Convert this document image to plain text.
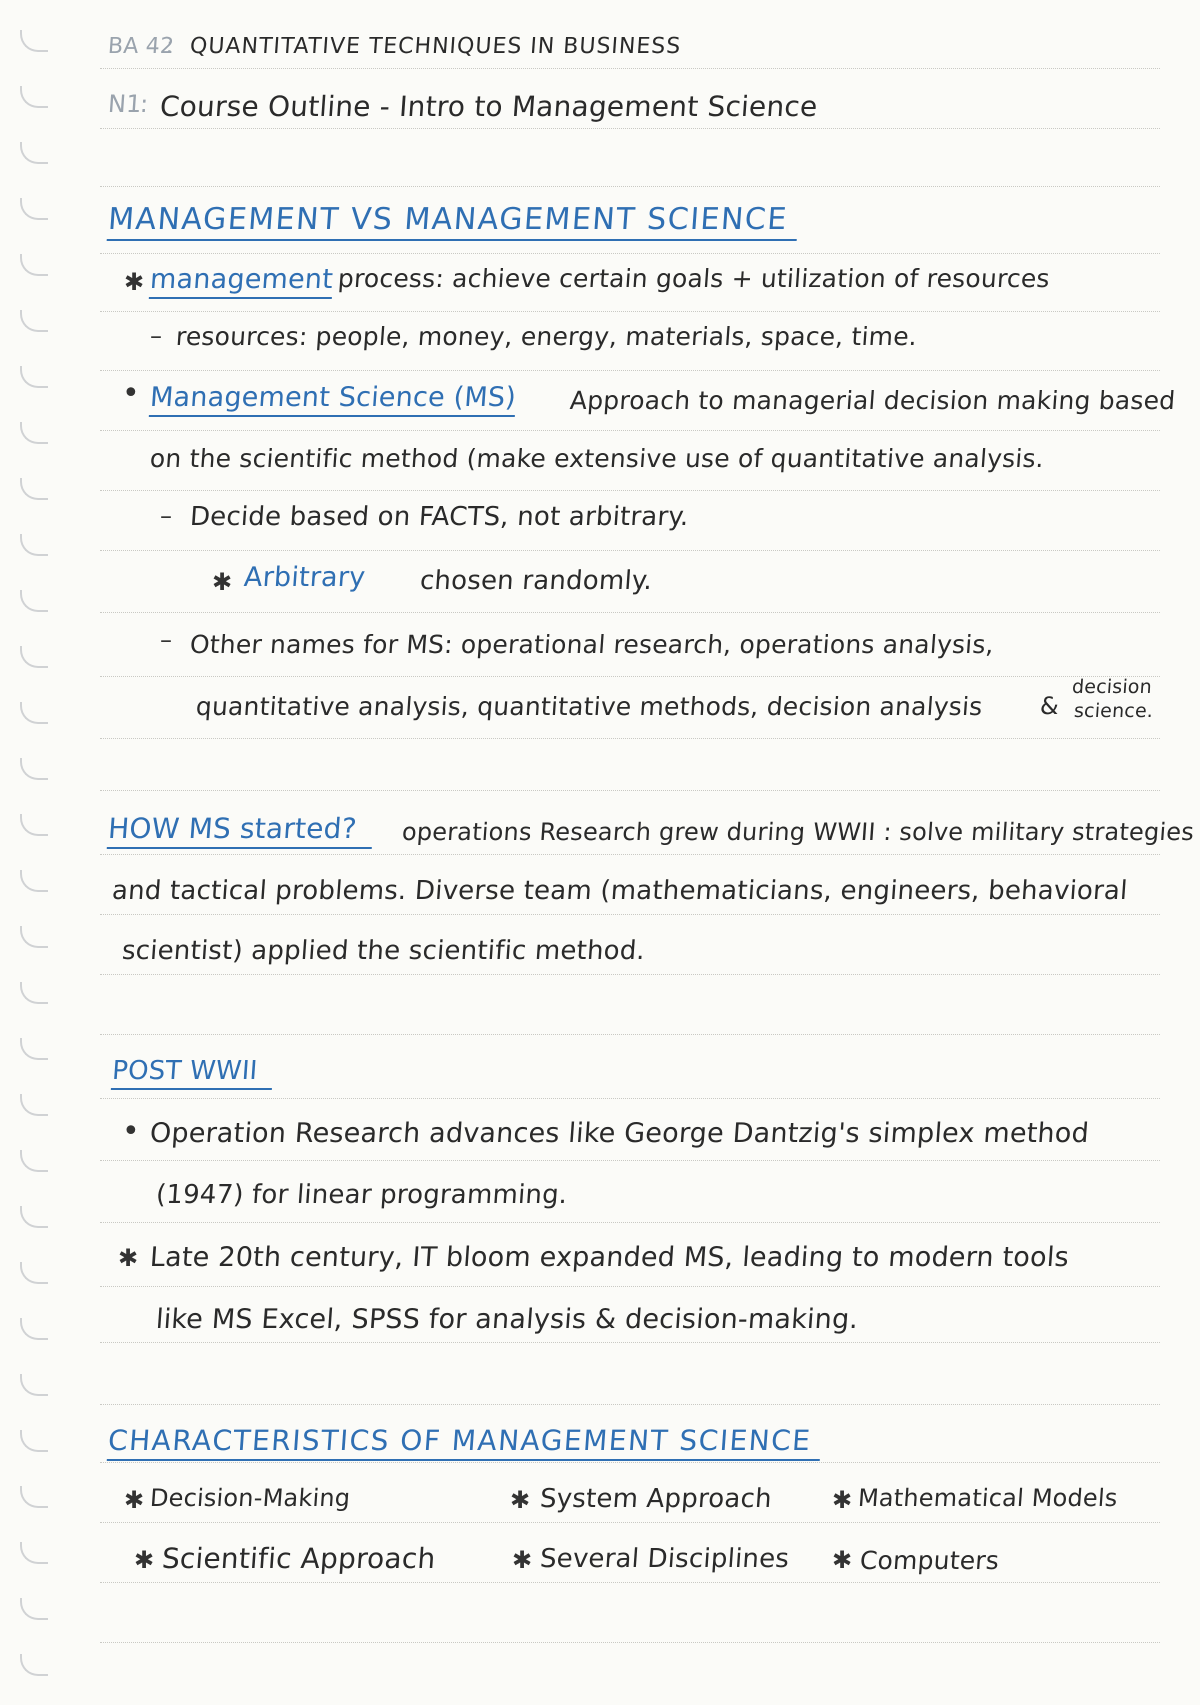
BA 42 : QUANTITATIVE TECHNIQUES IN BUSINESS
N1 : Course Outline - Intro to Management Science
MANAGEMENT VS MANAGEMENT SCIENCE
✱
management process: achieve certain goals + utilization of resources
–
resources: people, money, energy, materials, space, time.
•
Management Science (MS) Approach to managerial decision making based
on the scientific method (make extensive use of quantitative analysis.
–
Decide based on FACTS, not arbitrary.
✱
Arbitrary chosen randomly.
–
Other names for MS: operational research, operations analysis,
quantitative analysis, quantitative methods, decision analysis
&
decision
science.
HOW MS started?	operations Research grew during WWII : solve military strategies
and tactical problems. Diverse team (mathematicians, engineers, behavioral
scientist) applied the scientific method.
POST WWII
•
Operation Research advances like George Dantzig's simplex method
(1947) for linear programming.
✱
Late 20th century, IT bloom expanded MS, leading to modern tools
like MS Excel, SPSS for analysis & decision-making.
CHARACTERISTICS OF MANAGEMENT SCIENCE
✱
Decision-Making ✱	System Approach ✱	Mathematical Models
✱
Scientific Approach ✱	Several Disciplines ✱	Computers
